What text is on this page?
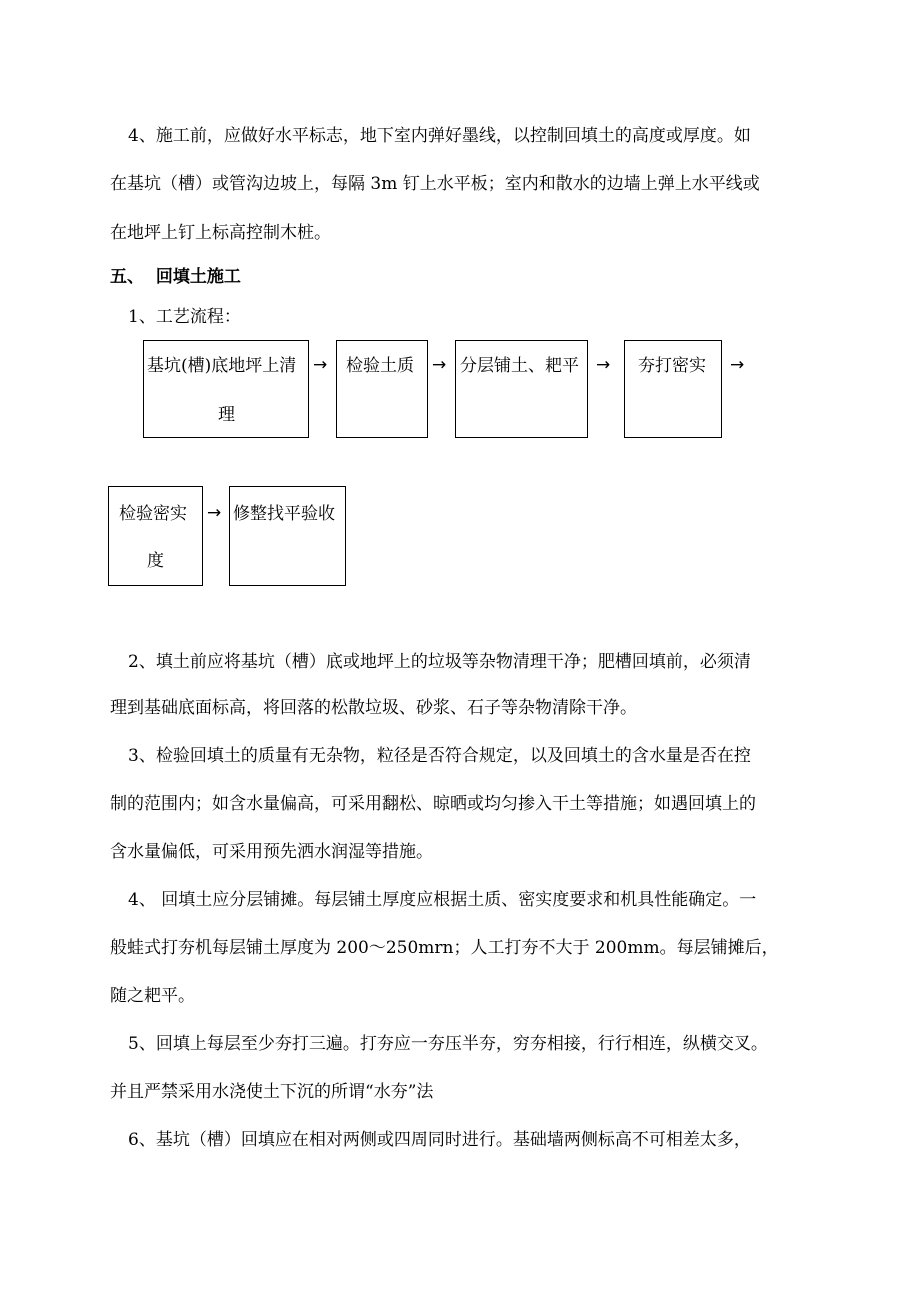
4、施工前，应做好水平标志，地下室内弹好墨线，以控制回填土的高度或厚度。如
在基坑（槽）或管沟边坡上，每隔 3m 钉上水平板；室内和散水的边墙上弹上水平线或
在地坪上钉上标高控制木桩。
五、  回填土施工
1、工艺流程：
基坑(槽)底地坪上清
理
→ 检验土质 → 分层铺土、耙平 → 夯打密实 →
检验密实
度
→ 修整找平验收
2、填土前应将基坑（槽）底或地坪上的垃圾等杂物清理干净；肥槽回填前，必须清
理到基础底面标高，将回落的松散垃圾、砂浆、石子等杂物清除干净。
3、检验回填土的质量有无杂物，粒径是否符合规定，以及回填土的含水量是否在控
制的范围内；如含水量偏高，可采用翻松、晾晒或均匀掺入干土等措施；如遇回填上的
含水量偏低，可采用预先洒水润湿等措施。
4、 回填土应分层铺摊。每层铺土厚度应根据土质、密实度要求和机具性能确定。一
般蛙式打夯机每层铺土厚度为 200～250mrn；人工打夯不大于 200mm。每层铺摊后，
随之耙平。
5、回填上每层至少夯打三遍。打夯应一夯压半夯，穷夯相接，行行相连，纵横交叉。
并且严禁采用水浇使土下沉的所谓“水夯”法
6、基坑（槽）回填应在相对两侧或四周同时进行。基础墙两侧标高不可相差太多，
